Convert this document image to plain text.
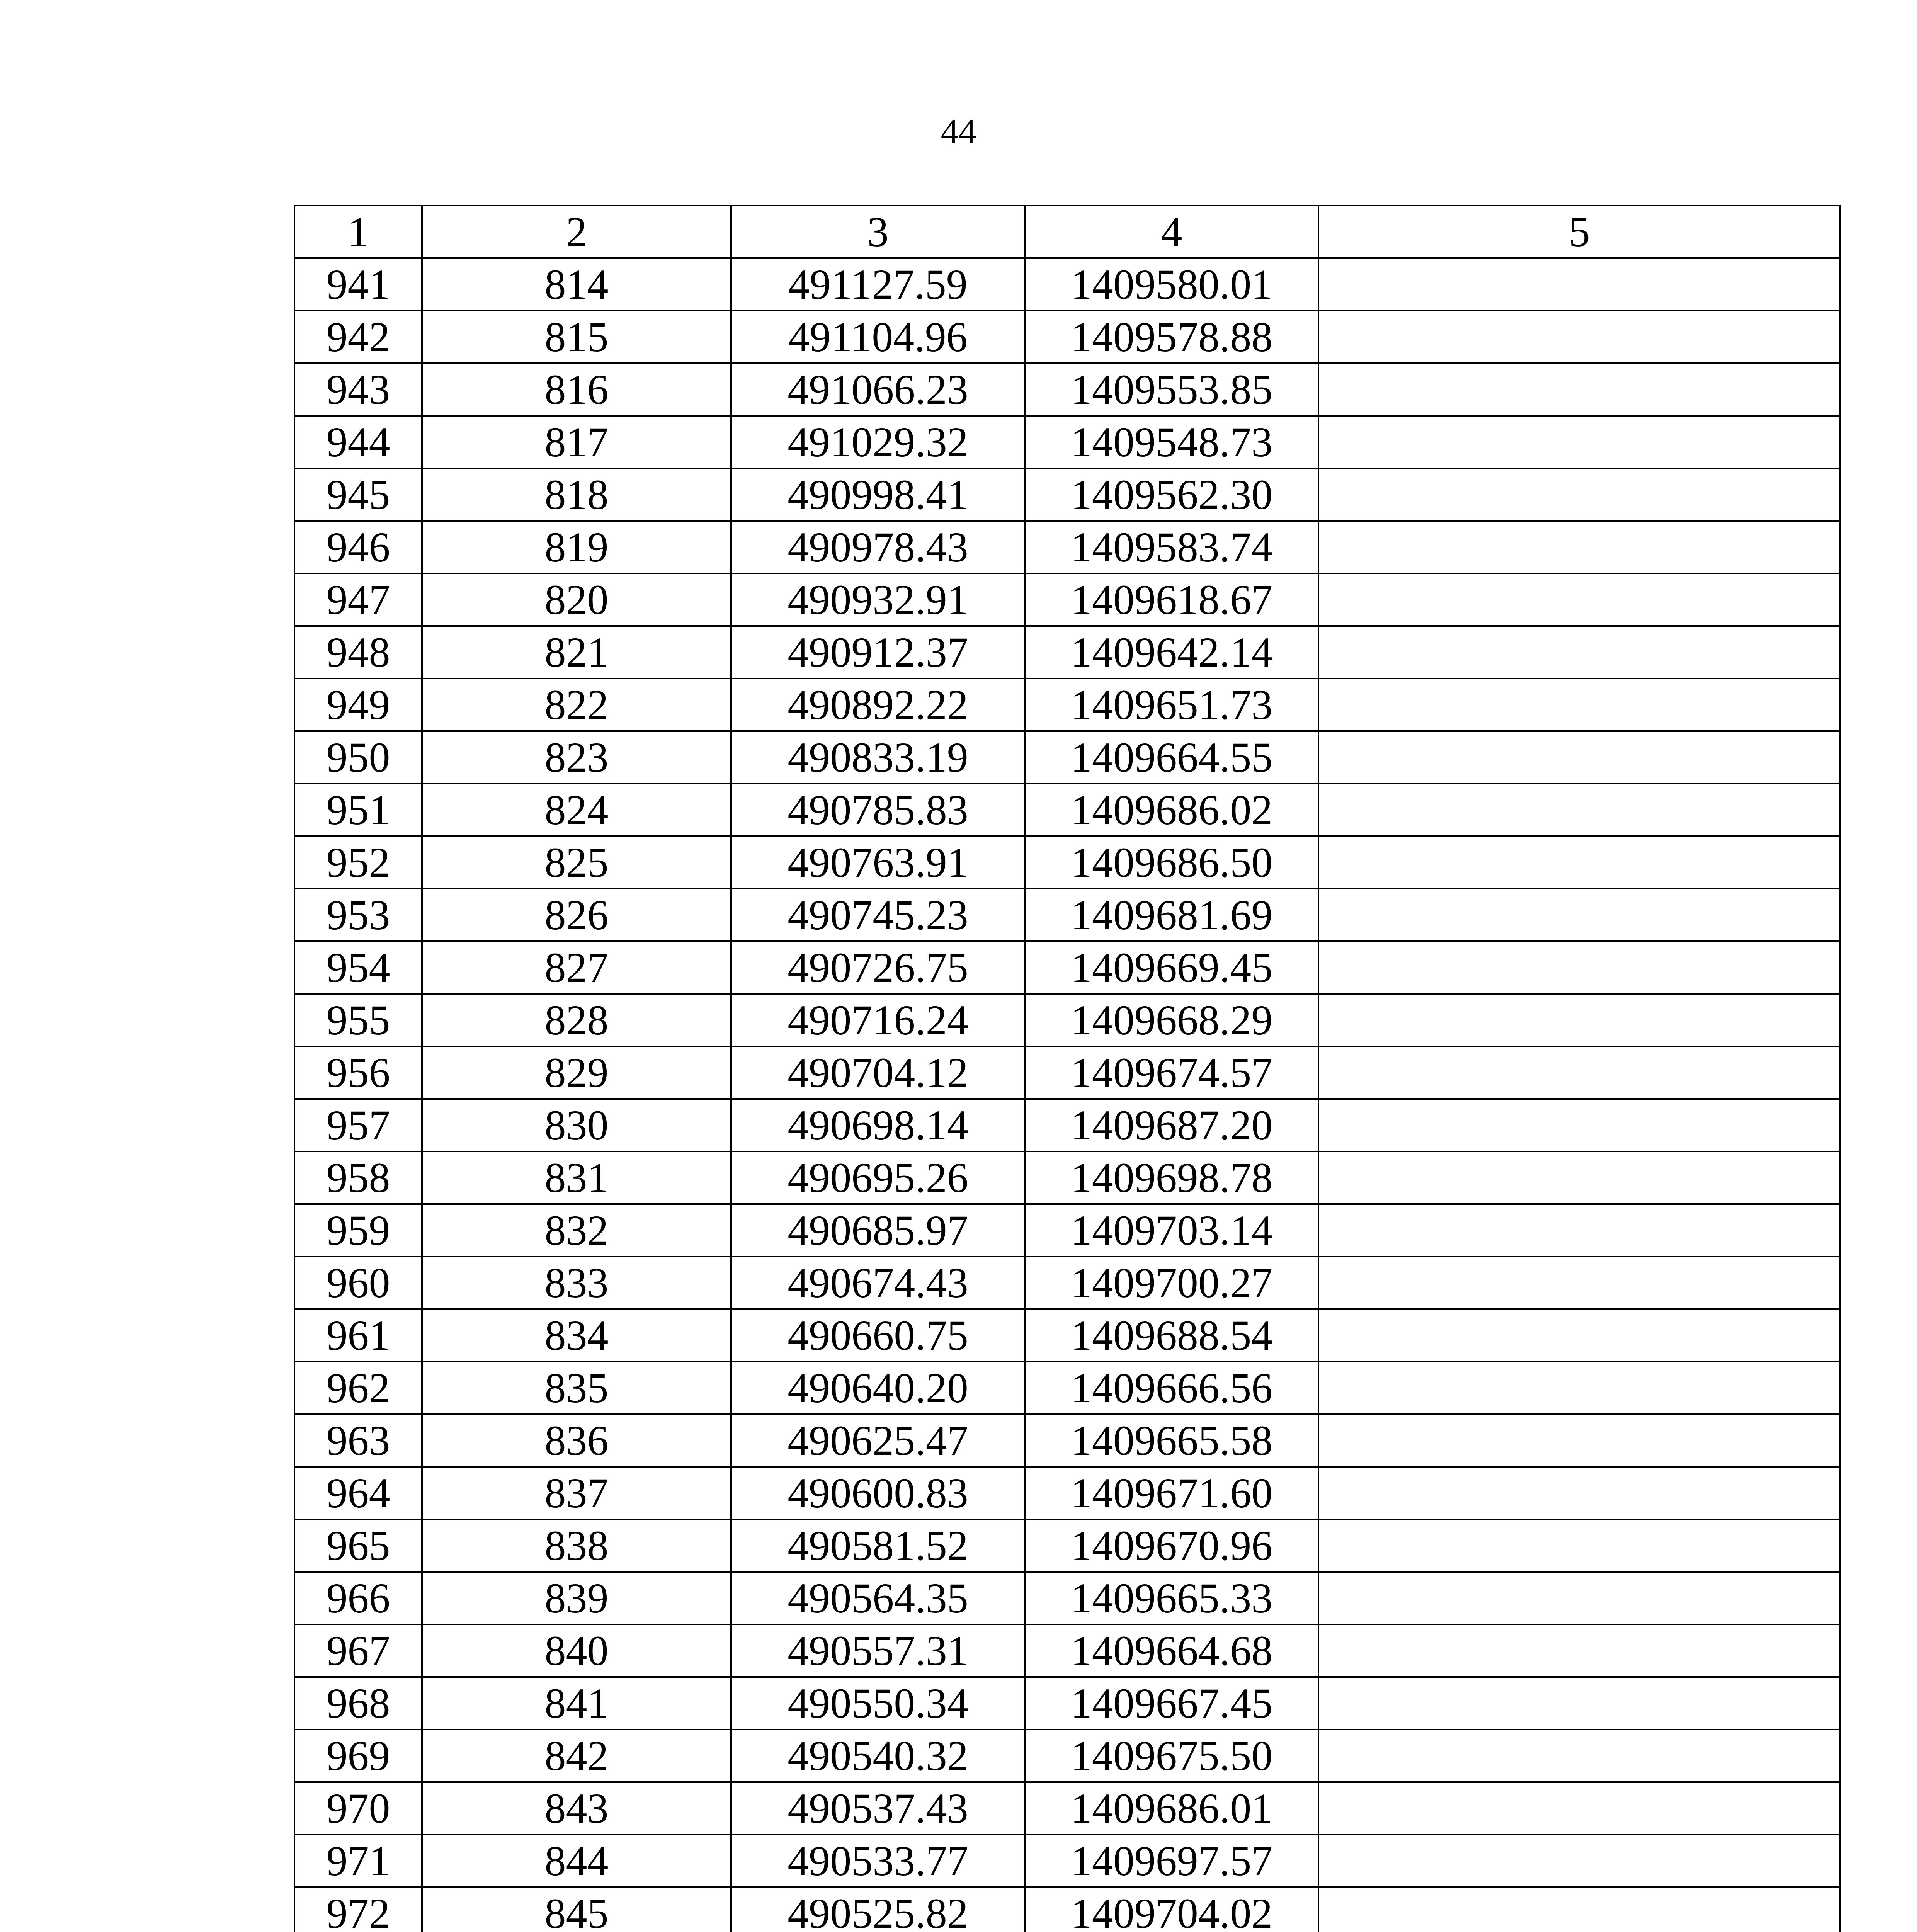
44
1	2	3	4	5
941	814	491127.59	1409580.01	
942	815	491104.96	1409578.88	
943	816	491066.23	1409553.85	
944	817	491029.32	1409548.73	
945	818	490998.41	1409562.30	
946	819	490978.43	1409583.74	
947	820	490932.91	1409618.67	
948	821	490912.37	1409642.14	
949	822	490892.22	1409651.73	
950	823	490833.19	1409664.55	
951	824	490785.83	1409686.02	
952	825	490763.91	1409686.50	
953	826	490745.23	1409681.69	
954	827	490726.75	1409669.45	
955	828	490716.24	1409668.29	
956	829	490704.12	1409674.57	
957	830	490698.14	1409687.20	
958	831	490695.26	1409698.78	
959	832	490685.97	1409703.14	
960	833	490674.43	1409700.27	
961	834	490660.75	1409688.54	
962	835	490640.20	1409666.56	
963	836	490625.47	1409665.58	
964	837	490600.83	1409671.60	
965	838	490581.52	1409670.96	
966	839	490564.35	1409665.33	
967	840	490557.31	1409664.68	
968	841	490550.34	1409667.45	
969	842	490540.32	1409675.50	
970	843	490537.43	1409686.01	
971	844	490533.77	1409697.57	
972	845	490525.82	1409704.02	
